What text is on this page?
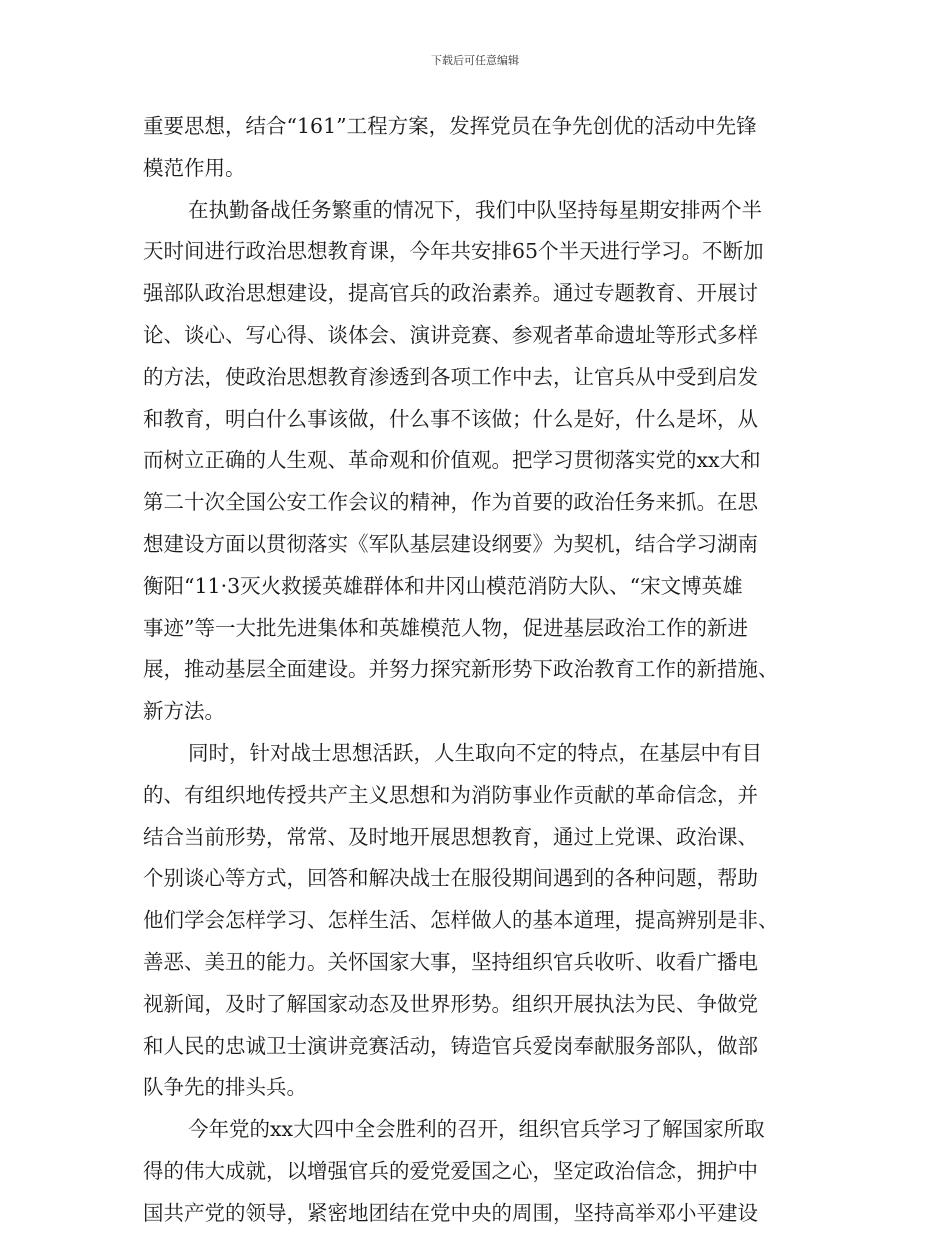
下载后可任意编辑
重要思想，结合“161”工程方案，发挥党员在争先创优的活动中先锋
模范作用。
在执勤备战任务繁重的情况下，我们中队坚持每星期安排两个半
天时间进行政治思想教育课，今年共安排65个半天进行学习。不断加
强部队政治思想建设，提高官兵的政治素养。通过专题教育、开展讨
论、谈心、写心得、谈体会、演讲竞赛、参观者革命遗址等形式多样
的方法，使政治思想教育渗透到各项工作中去，让官兵从中受到启发
和教育，明白什么事该做，什么事不该做；什么是好，什么是坏，从
而树立正确的人生观、革命观和价值观。把学习贯彻落实党的xx大和
第二十次全国公安工作会议的精神，作为首要的政治任务来抓。在思
想建设方面以贯彻落实《军队基层建设纲要》为契机，结合学习湖南
衡阳“11·3灭火救援英雄群体和井冈山模范消防大队、“宋文博英雄
事迹”等一大批先进集体和英雄模范人物，促进基层政治工作的新进
展，推动基层全面建设。并努力探究新形势下政治教育工作的新措施、
新方法。
同时，针对战士思想活跃，人生取向不定的特点，在基层中有目
的、有组织地传授共产主义思想和为消防事业作贡献的革命信念，并
结合当前形势，常常、及时地开展思想教育，通过上党课、政治课、
个别谈心等方式，回答和解决战士在服役期间遇到的各种问题，帮助
他们学会怎样学习、怎样生活、怎样做人的基本道理，提高辨别是非、
善恶、美丑的能力。关怀国家大事，坚持组织官兵收听、收看广播电
视新闻，及时了解国家动态及世界形势。组织开展执法为民、争做党
和人民的忠诚卫士演讲竞赛活动，铸造官兵爱岗奉献服务部队，做部
队争先的排头兵。
今年党的xx大四中全会胜利的召开，组织官兵学习了解国家所取
得的伟大成就，以增强官兵的爱党爱国之心，坚定政治信念，拥护中
国共产党的领导，紧密地团结在党中央的周围，坚持高举邓小平建设
